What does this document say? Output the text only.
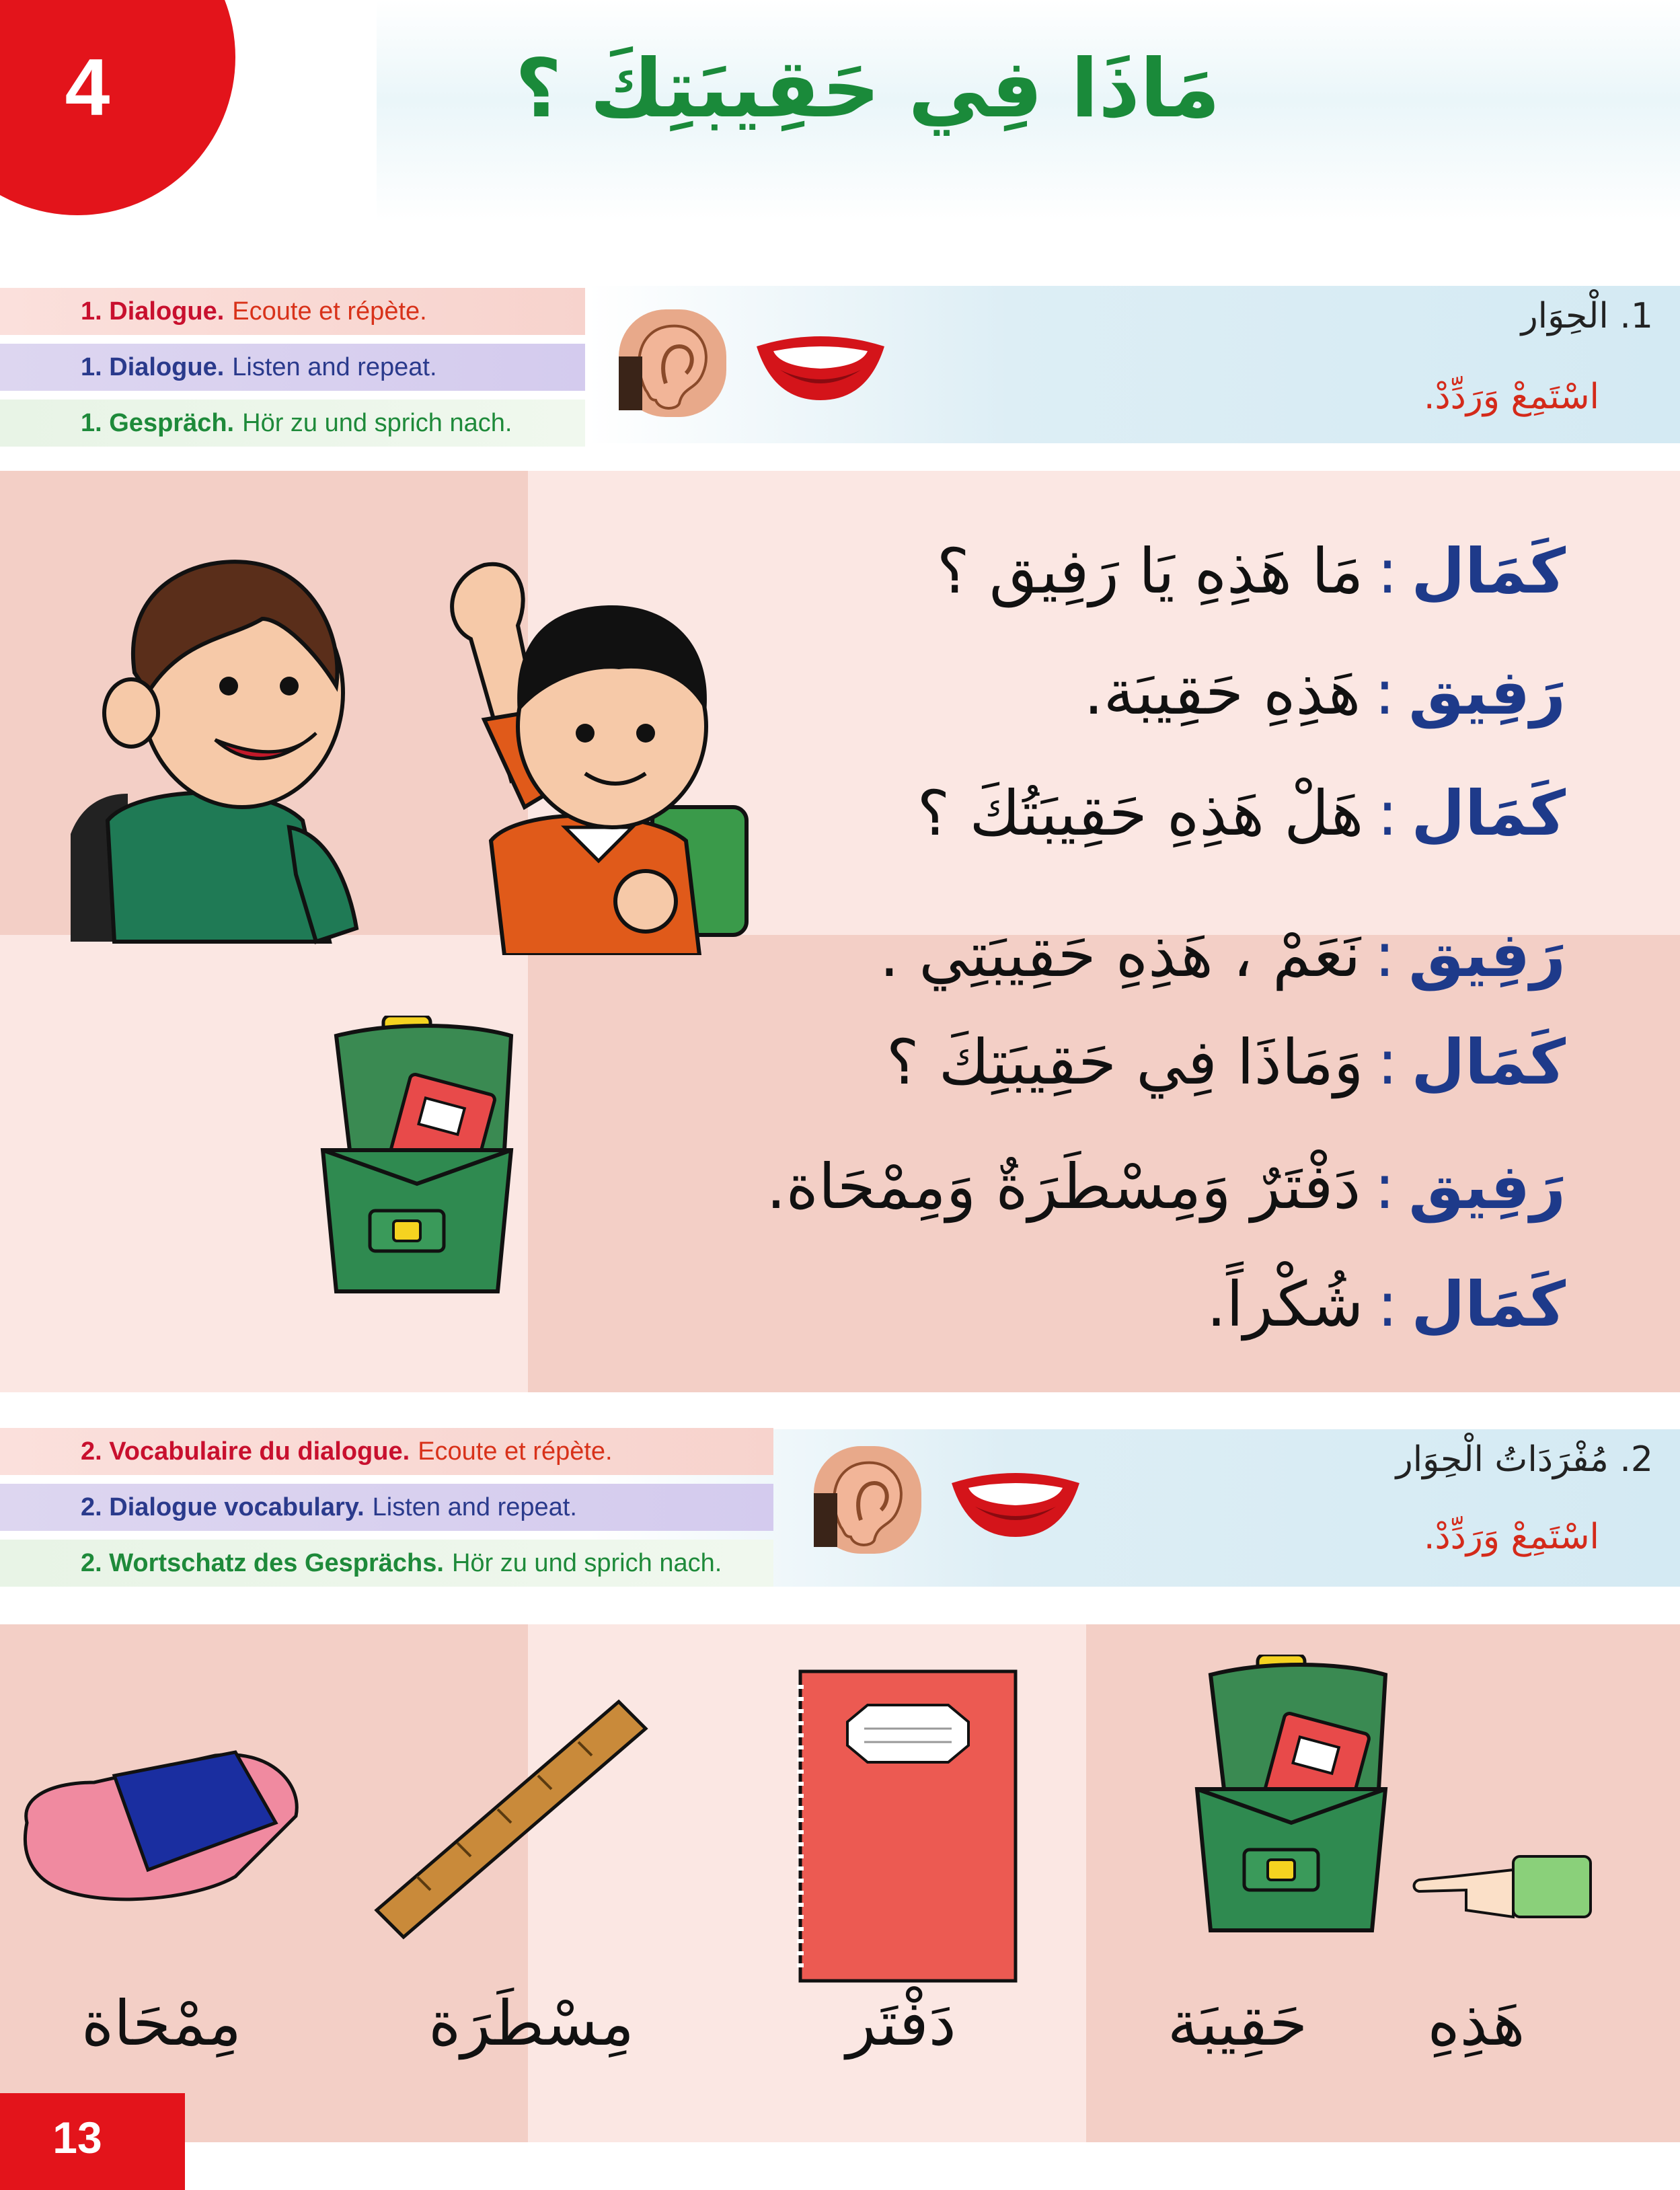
4	مَاذَا فِي حَقِيبَتِكَ ؟
1. Dialogue. Ecoute et répète.
1. Dialogue. Listen and repeat.
1. Gespräch. Hör zu und sprich nach.
1. الْحِوَار
اسْتَمِعْ وَرَدِّدْ.
كَمَال:مَا هَذِهِ يَا رَفِيق ؟
رَفِيق:هَذِهِ حَقِيبَة.
كَمَال:هَلْ هَذِهِ حَقِيبَتُكَ ؟
رَفِيق:نَعَمْ ، هَذِهِ حَقِيبَتِي .
كَمَال:وَمَاذَا فِي حَقِيبَتِكَ ؟
رَفِيق:دَفْتَرٌ وَمِسْطَرَةٌ وَمِمْحَاة.
كَمَال:شُكْراً.
2. Vocabulaire du dialogue. Ecoute et répète.
2. Dialogue vocabulary. Listen and repeat.
2. Wortschatz des Gesprächs. Hör zu und sprich nach.
2. مُفْرَدَاتُ الْحِوَار
اسْتَمِعْ وَرَدِّدْ.
هَذِهِ
حَقِيبَة
دَفْتَر
مِسْطَرَة
مِمْحَاة
13
